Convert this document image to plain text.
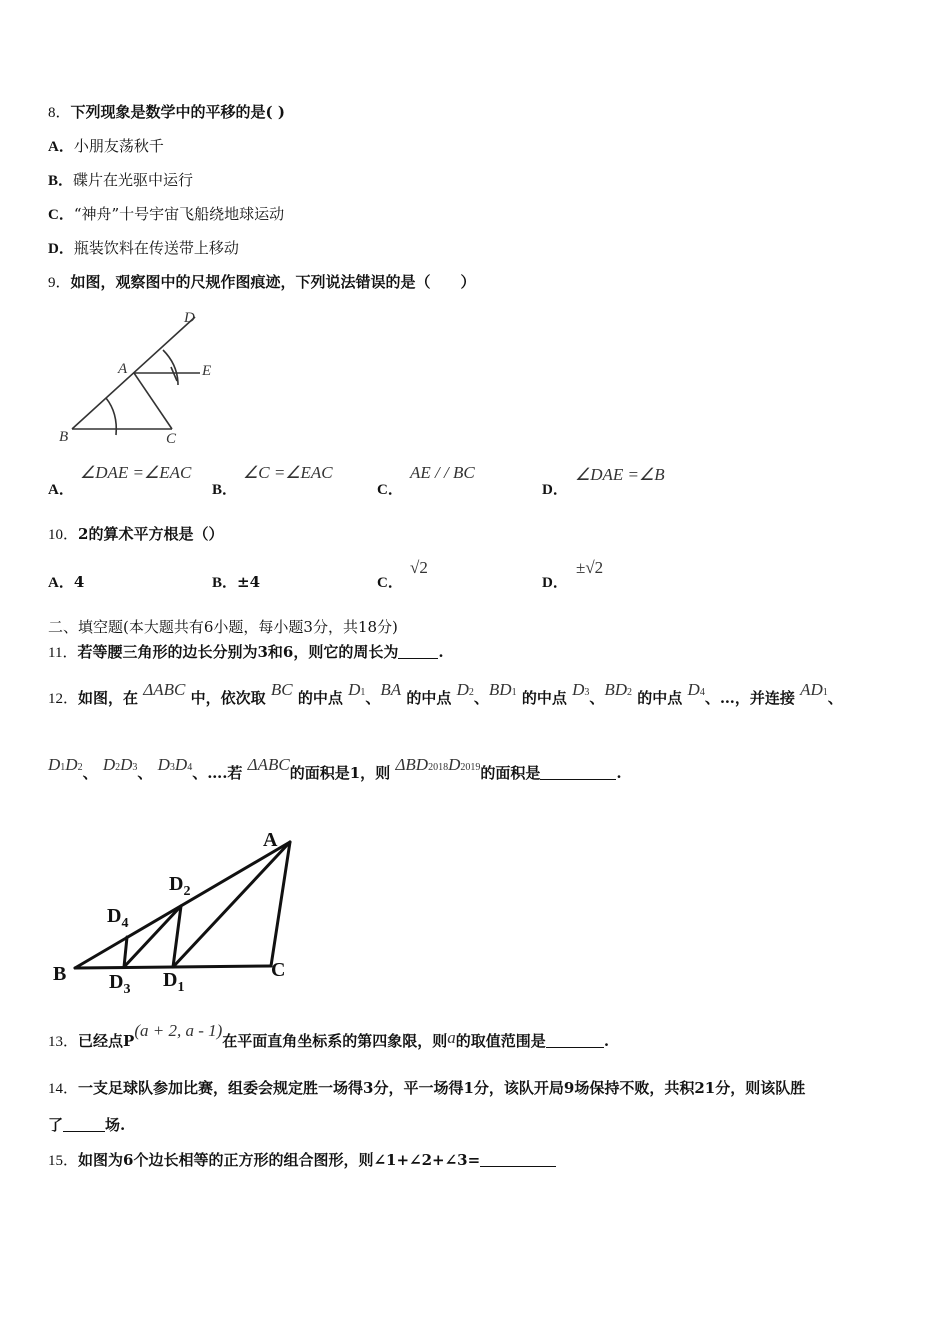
8．下列现象是数学中的平移的是( )
A．小朋友荡秋千
B．碟片在光驱中运行
C．“神舟”十号宇宙飞船绕地球运动
D．瓶装饮料在传送带上移动
9．如图，观察图中的尺规作图痕迹，下列说法错误的是（　　）
B	C
A
D
E
A．
∠DAE =∠EAC
B．
∠C =∠EAC
C．
AE / / BC
D．
∠DAE =∠B
10．2的算术平方根是（）
A．4	B．±4	C．
√2
D．
±√2
二、填空题(本大题共有6小题，每小题3分，共18分)
11．若等腰三角形的边长分别为3和6，则它的周长为	.
12．如图，在 ΔABC 中，依次取 BC 的中点 D1、BA 的中点 D2、BD1 的中点 D3、BD2 的中点 D4、…，并连接 AD1、
D1D2、 D2D3、 D3D4、….若 ΔABC的面积是1，则 ΔBD2018D2019的面积是	.
B	C
A
$D_1$
$D_2$
$D_3$
$D_4$
13．已经点P(a + 2, a - 1)在平面直角坐标系的第四象限，则a的取值范围是	.
14．一支足球队参加比赛，组委会规定胜一场得3分，平一场得1分，该队开局9场保持不败，共积21分，则该队胜
了	场.
15．如图为6个边长相等的正方形的组合图形，则∠1+∠2+∠3=
